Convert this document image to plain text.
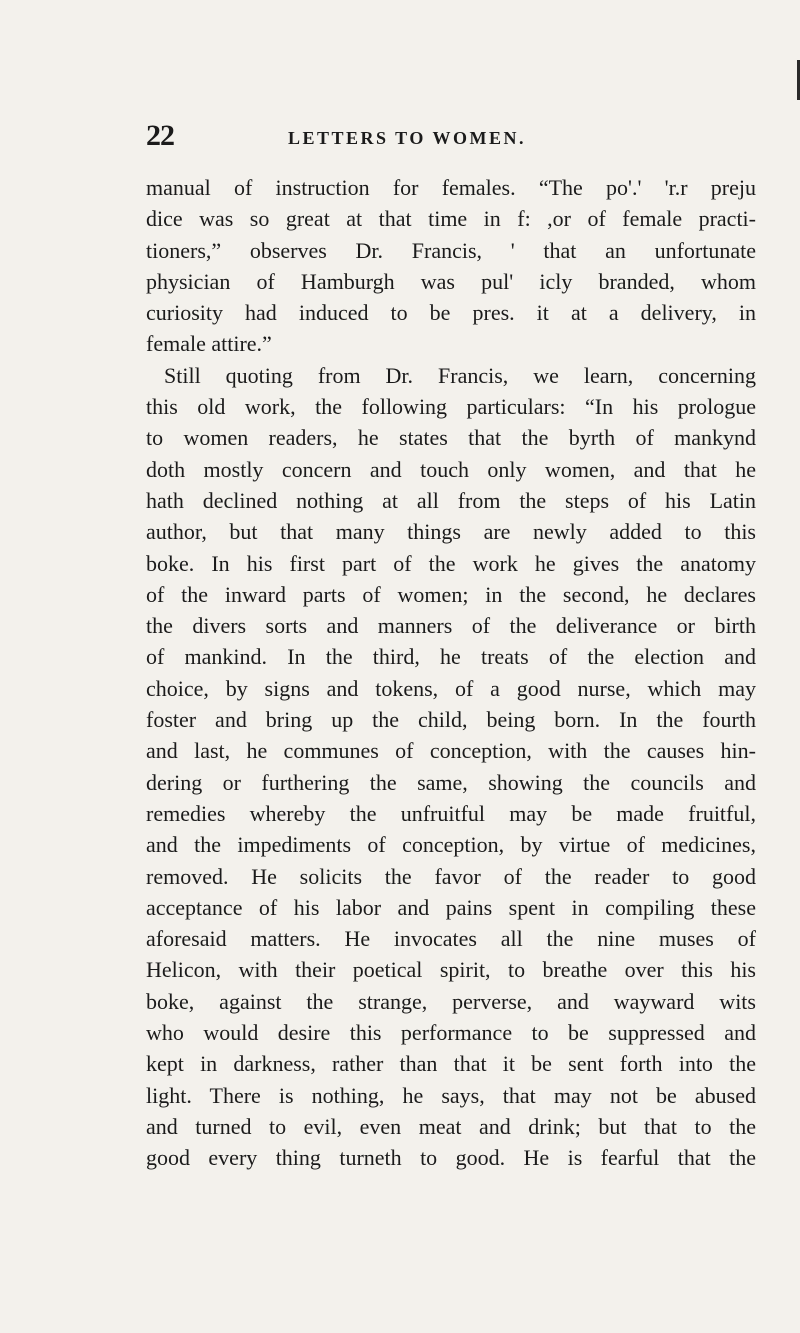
22	LETTERS TO WOMEN.
manual of instruction for females. “The po'.' 'r.r preju
dice was so great at that time in f: ,or of female practi-
tioners,” observes Dr. Francis, ' that an unfortunate
physician of Hamburgh was pul' icly branded, whom
curiosity had induced to be pres. it at a delivery, in
female attire.”
Still quoting from Dr. Francis, we learn, concerning
this old work, the following particulars: “In his prologue
to women readers, he states that the byrth of mankynd
doth mostly concern and touch only women, and that he
hath declined nothing at all from the steps of his Latin
author, but that many things are newly added to this
boke. In his first part of the work he gives the anatomy
of the inward parts of women; in the second, he declares
the divers sorts and manners of the deliverance or birth
of mankind. In the third, he treats of the election and
choice, by signs and tokens, of a good nurse, which may
foster and bring up the child, being born. In the fourth
and last, he communes of conception, with the causes hin-
dering or furthering the same, showing the councils and
remedies whereby the unfruitful may be made fruitful,
and the impediments of conception, by virtue of medicines,
removed. He solicits the favor of the reader to good
acceptance of his labor and pains spent in compiling these
aforesaid matters. He invocates all the nine muses of
Helicon, with their poetical spirit, to breathe over this his
boke, against the strange, perverse, and wayward wits
who would desire this performance to be suppressed and
kept in darkness, rather than that it be sent forth into the
light. There is nothing, he says, that may not be abused
and turned to evil, even meat and drink; but that to the
good every thing turneth to good. He is fearful that the
